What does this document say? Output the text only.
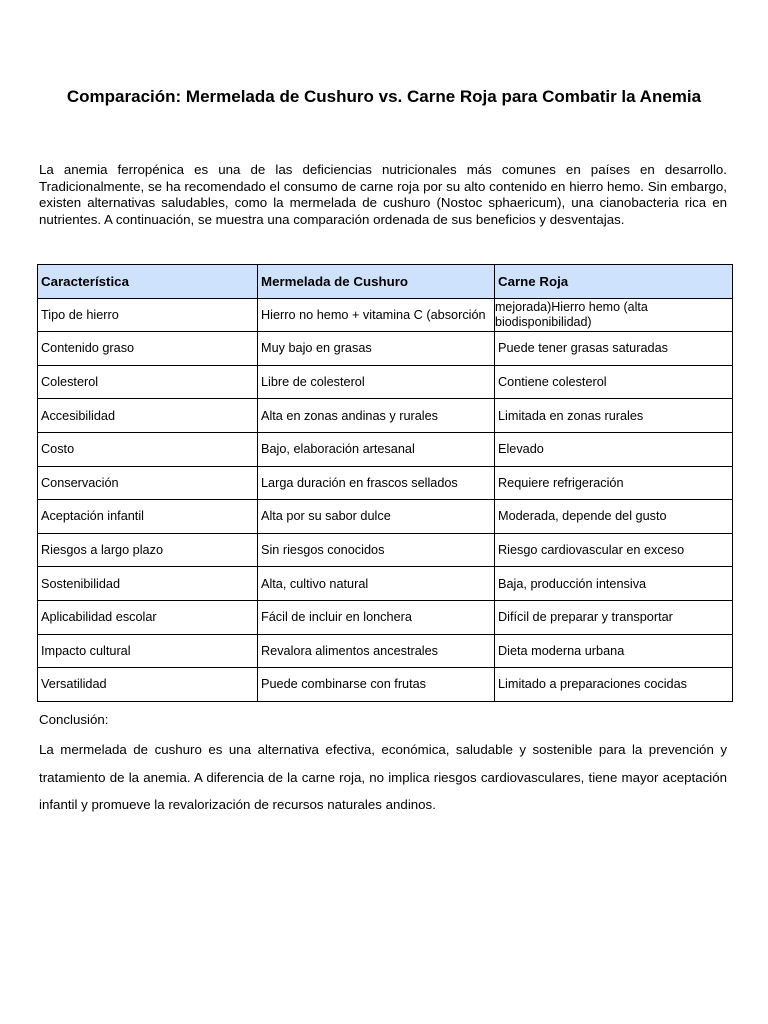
Comparación: Mermelada de Cushuro vs. Carne Roja para Combatir la Anemia

La anemia ferropénica es una de las deficiencias nutricionales más comunes en países en desarrollo. Tradicionalmente, se ha recomendado el consumo de carne roja por su alto contenido en hierro hemo. Sin embargo, existen alternativas saludables, como la mermelada de cushuro (Nostoc sphaericum), una cianobacteria rica en nutrientes. A continuación, se muestra una comparación ordenada de sus beneficios y desventajas.

Característica	Mermelada de Cushuro	Carne Roja
Tipo de hierro	Hierro no hemo + vitamina C (absorción	mejorada)Hierro hemo (alta biodisponibilidad)
Contenido graso	Muy bajo en grasas	Puede tener grasas saturadas
Colesterol	Libre de colesterol	Contiene colesterol
Accesibilidad	Alta en zonas andinas y rurales	Limitada en zonas rurales
Costo	Bajo, elaboración artesanal	Elevado
Conservación	Larga duración en frascos sellados	Requiere refrigeración
Aceptación infantil	Alta por su sabor dulce	Moderada, depende del gusto
Riesgos a largo plazo	Sin riesgos conocidos	Riesgo cardiovascular en exceso
Sostenibilidad	Alta, cultivo natural	Baja, producción intensiva
Aplicabilidad escolar	Fácil de incluir en lonchera	Difícil de preparar y transportar
Impacto cultural	Revalora alimentos ancestrales	Dieta moderna urbana
Versatilidad	Puede combinarse con frutas	Limitado a preparaciones cocidas

Conclusión:

La mermelada de cushuro es una alternativa efectiva, económica, saludable y sostenible para la prevención y tratamiento de la anemia. A diferencia de la carne roja, no implica riesgos cardiovasculares, tiene mayor aceptación infantil y promueve la revalorización de recursos naturales andinos.
